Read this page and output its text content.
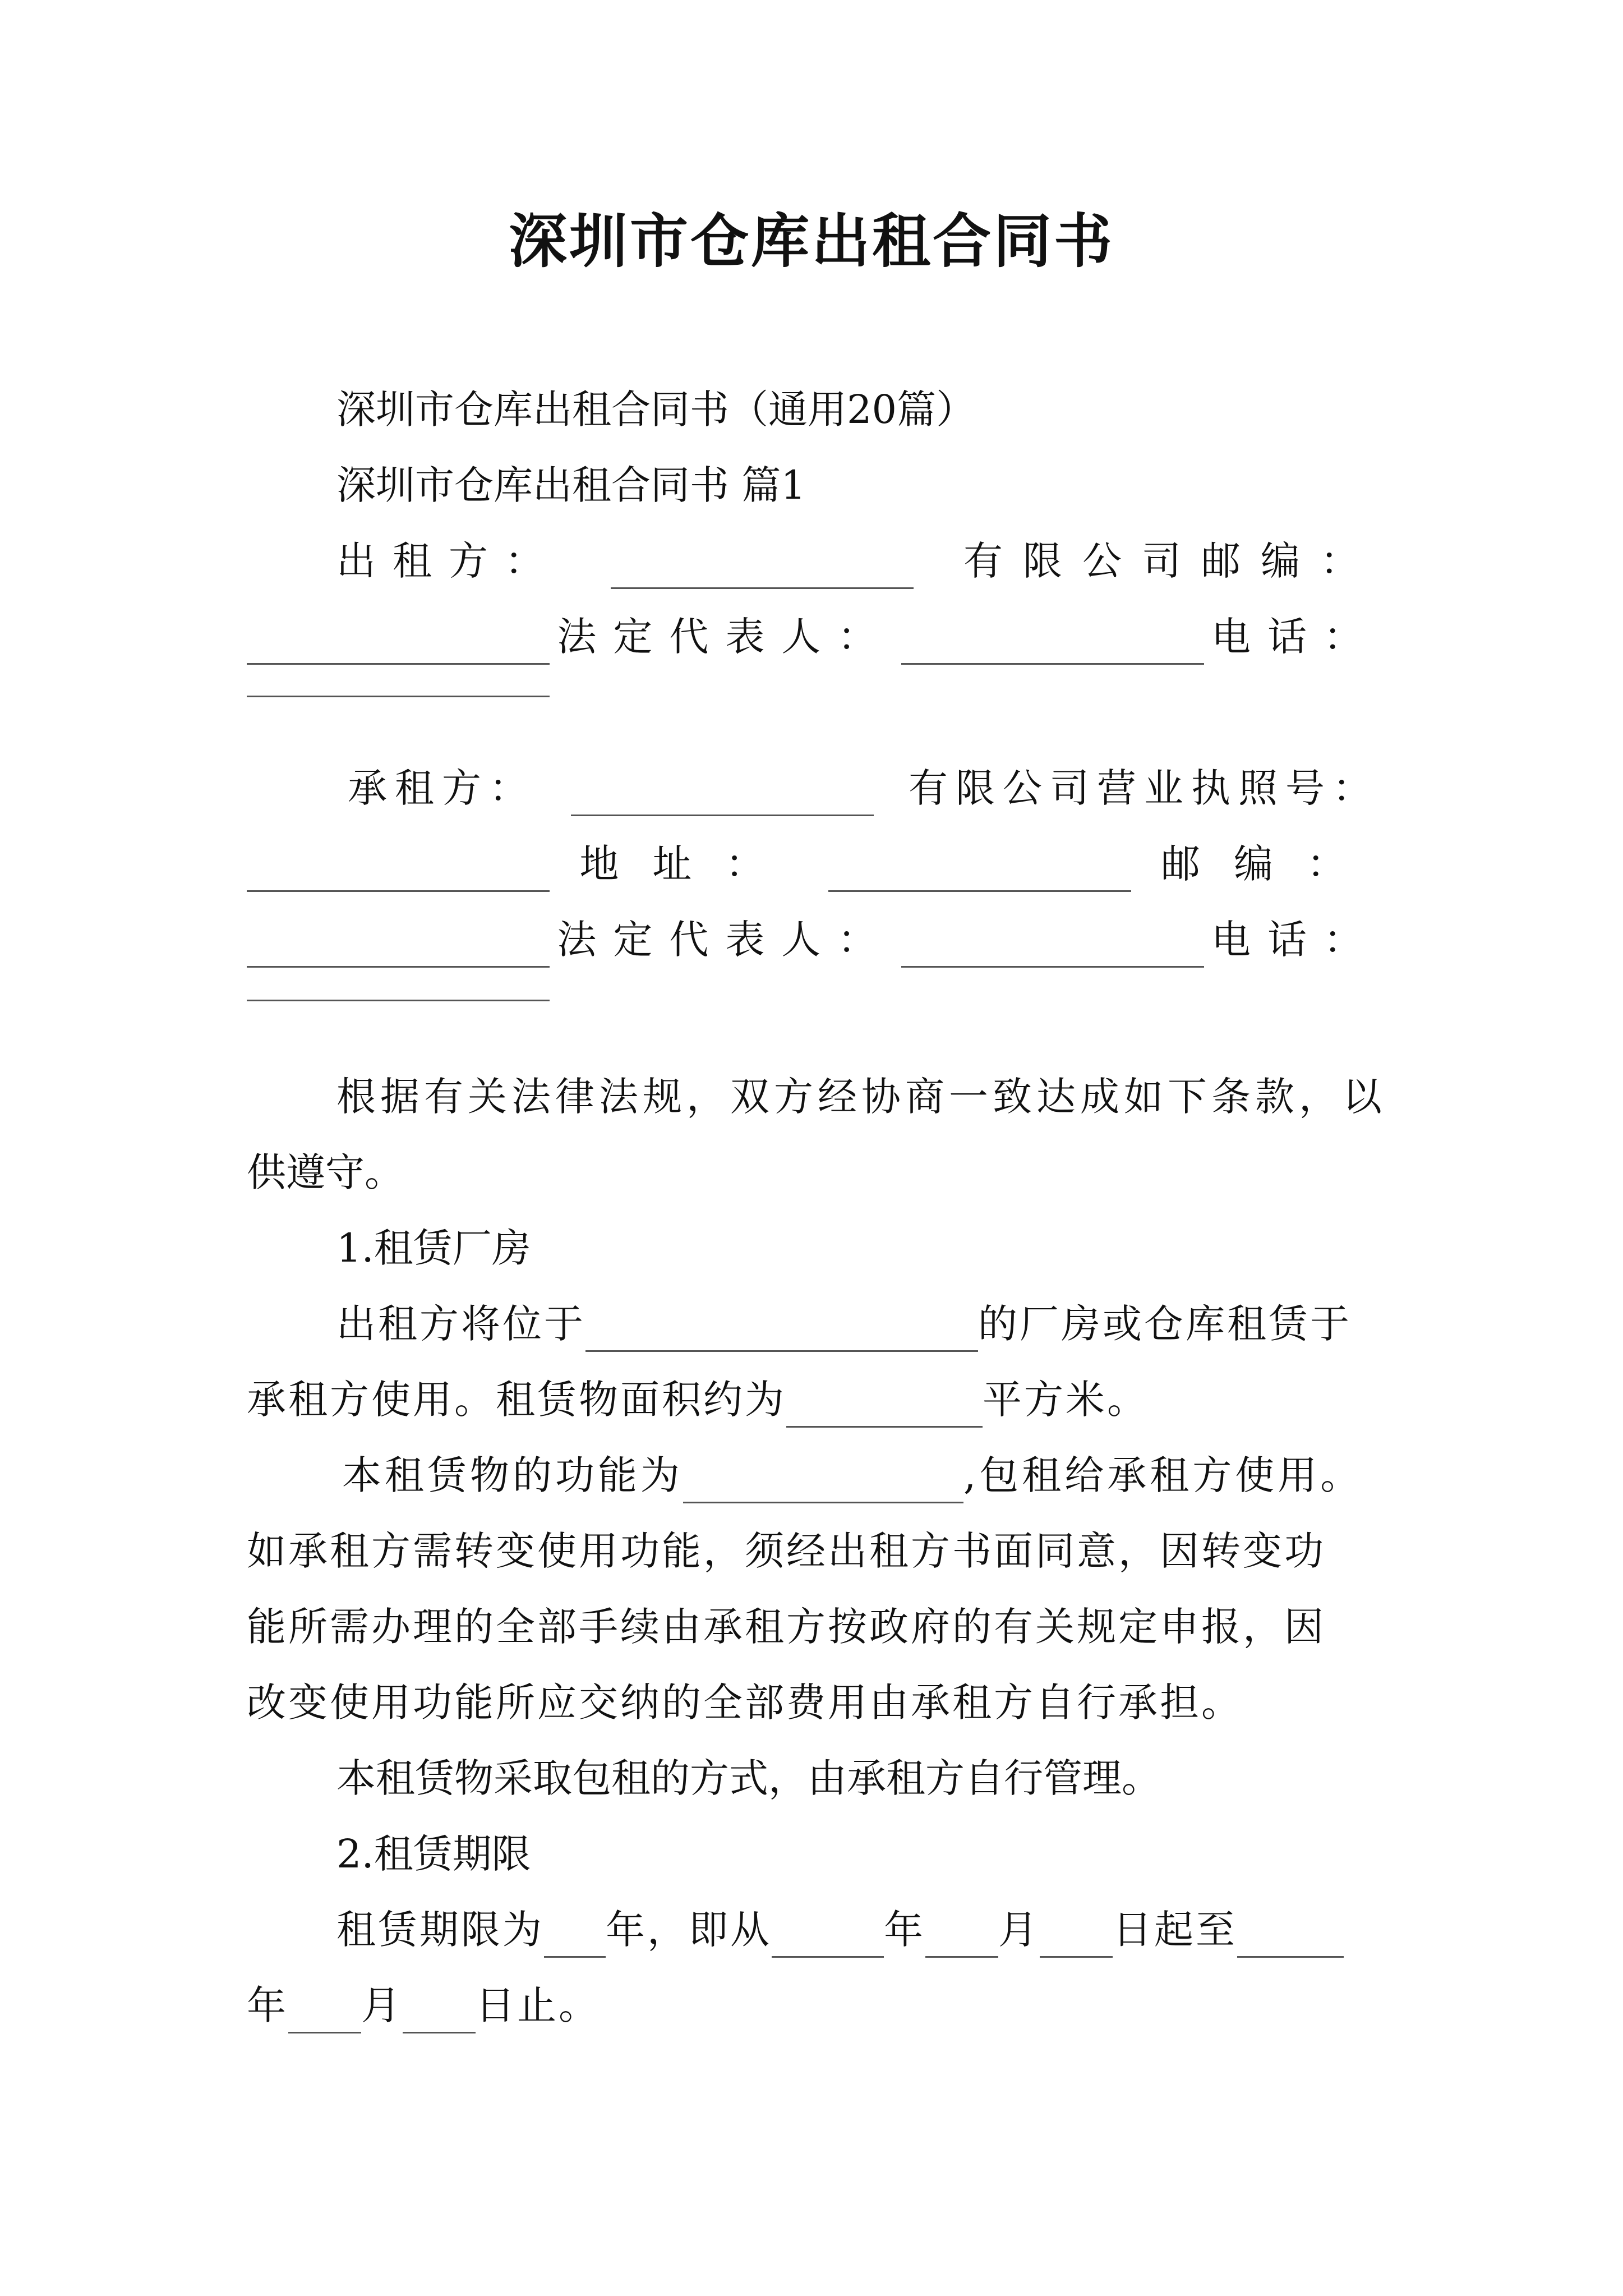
深圳市仓库出租合同书
深圳市仓库出租合同书（通用20篇）
深圳市仓库出租合同书 篇1
出租方：	有限公司邮编：
法定代表人：	电话：
承租方：	有限公司营业执照号：
地址：	邮编：
法定代表人：	电话：
根据有关法律法规，双方经协商一致达成如下条款，以
供遵守。
1.租赁厂房
出租方将位于	的厂房或仓库租赁于
承租方使用。租赁物面积约为	平方米。
本租赁物的功能为	,包租给承租方使用。
如承租方需转变使用功能，须经出租方书面同意，因转变功
能所需办理的全部手续由承租方按政府的有关规定申报，因
改变使用功能所应交纳的全部费用由承租方自行承担。
本租赁物采取包租的方式，由承租方自行管理。
2.租赁期限
租赁期限为 年，即从	年 月 日起至
年 月 日止。
